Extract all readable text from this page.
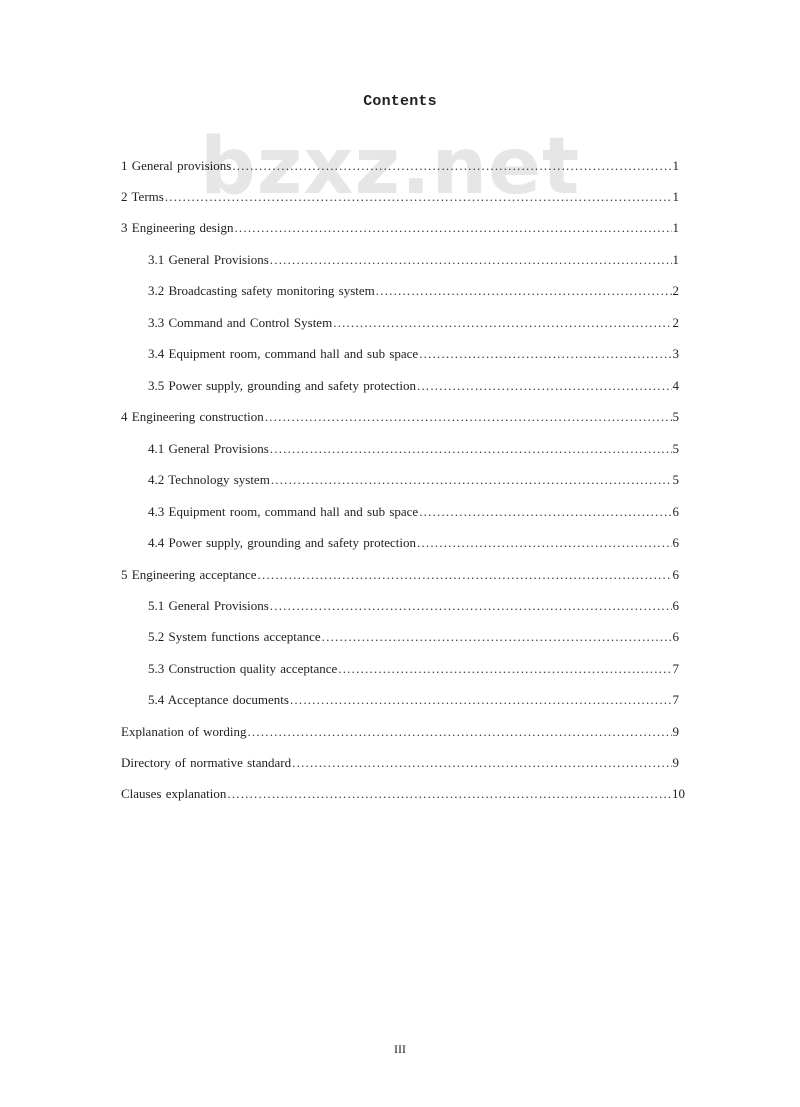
bzxz.net
Contents
1 General provisions .....	1
2 Terms .....	1
3 Engineering design .....	1
3.1 General Provisions .....	1
3.2 Broadcasting safety monitoring system .....	2
3.3 Command and Control System .....	2
3.4 Equipment room, command hall and sub space .....	3
3.5 Power supply, grounding and safety protection .....	4
4 Engineering construction .....	5
4.1 General Provisions .....	5
4.2 Technology system .....	5
4.3 Equipment room, command hall and sub space .....	6
4.4 Power supply, grounding and safety protection .....	6
5 Engineering acceptance .....	6
5.1 General Provisions .....	6
5.2 System functions acceptance .....	6
5.3 Construction quality acceptance .....	7
5.4 Acceptance documents .....	7
Explanation of wording .....	9
Directory of normative standard .....	9
Clauses explanation .....	10
III
